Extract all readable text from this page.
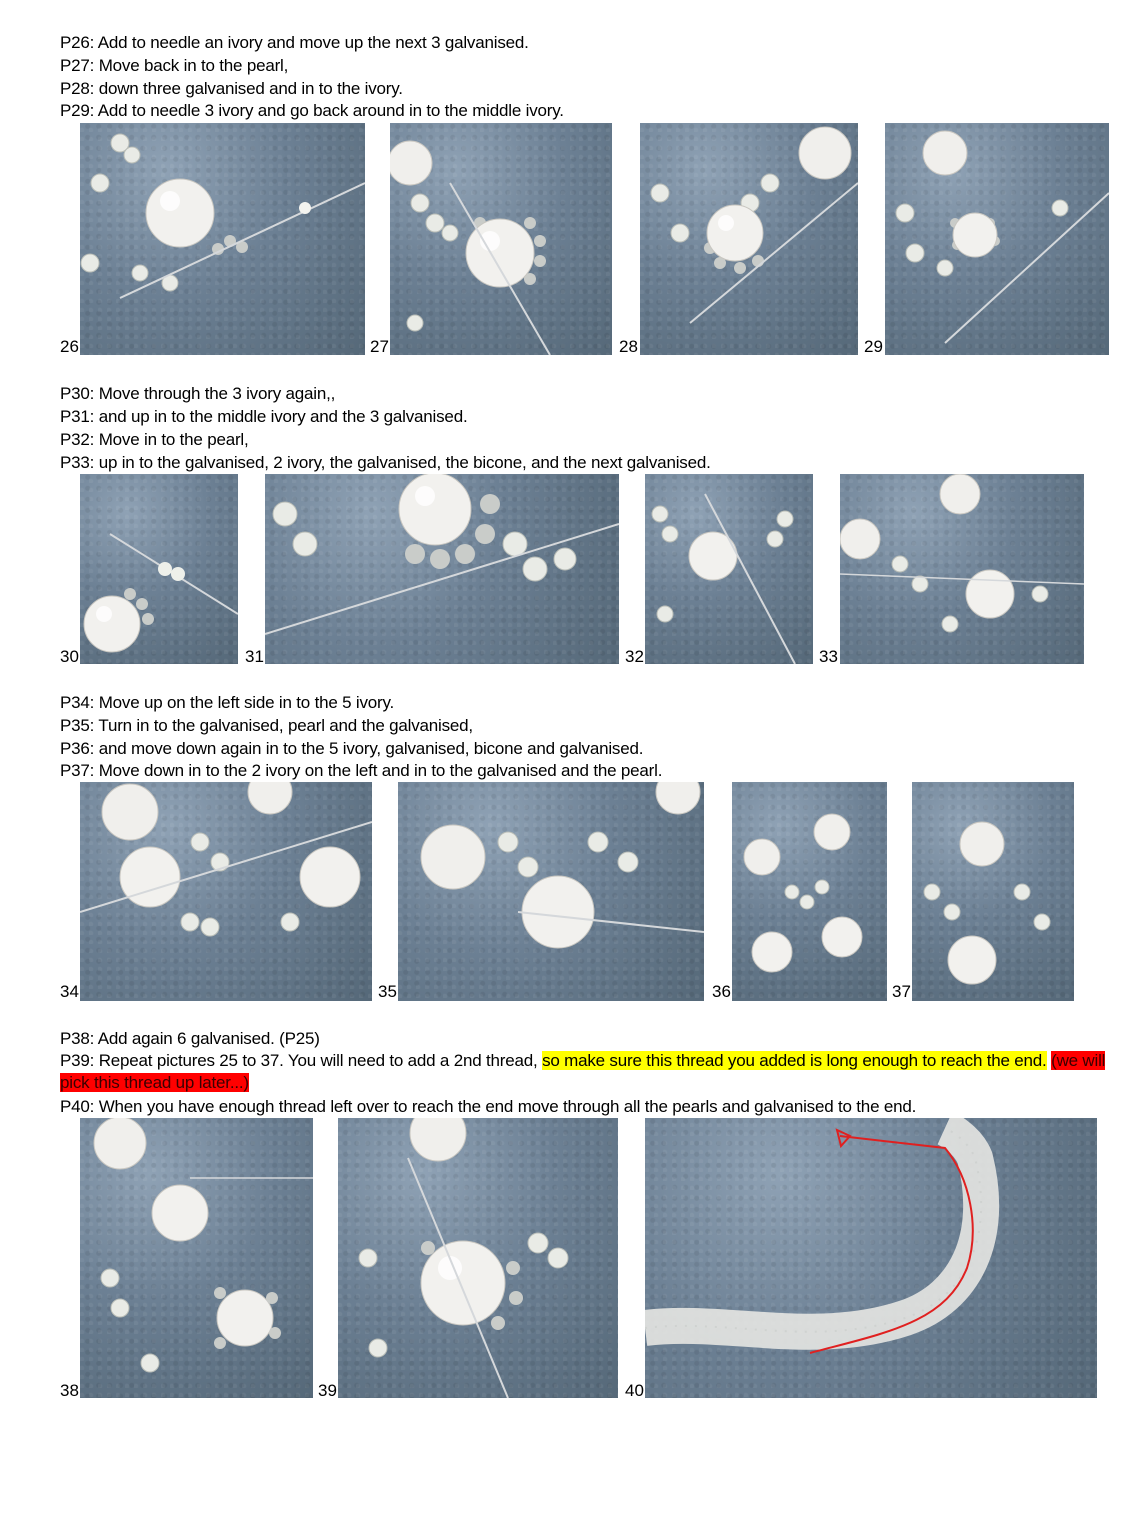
P26: Add to needle an ivory and move up the next 3 galvanised.
P27: Move back in to the pearl,
P28: down three galvanised and in to the ivory.
P29: Add to needle 3 ivory and go back around in to the middle ivory.
26	27	28	29
P30: Move through the 3 ivory again,,
P31: and up in to the middle ivory and the 3 galvanised.
P32: Move in to the pearl,
P33: up in to the galvanised, 2 ivory, the galvanised, the bicone, and the next galvanised.
30	31	32	33
P34: Move up on the left side in to the 5 ivory.
P35: Turn in to the galvanised, pearl and the galvanised,
P36: and move down again in to the 5 ivory, galvanised, bicone and galvanised.
P37: Move down in to the 2 ivory on the left and in to the galvanised and the pearl.
34	35	36	37
P38: Add again 6 galvanised. (P25)
P39: Repeat pictures 25 to 37. You will need to add a 2nd thread, so make sure this thread you added is long enough to reach the end. (we will pick this thread up later...)
P40: When you have enough thread left over to reach the end move through all the pearls and galvanised to the end.
38	39	40
